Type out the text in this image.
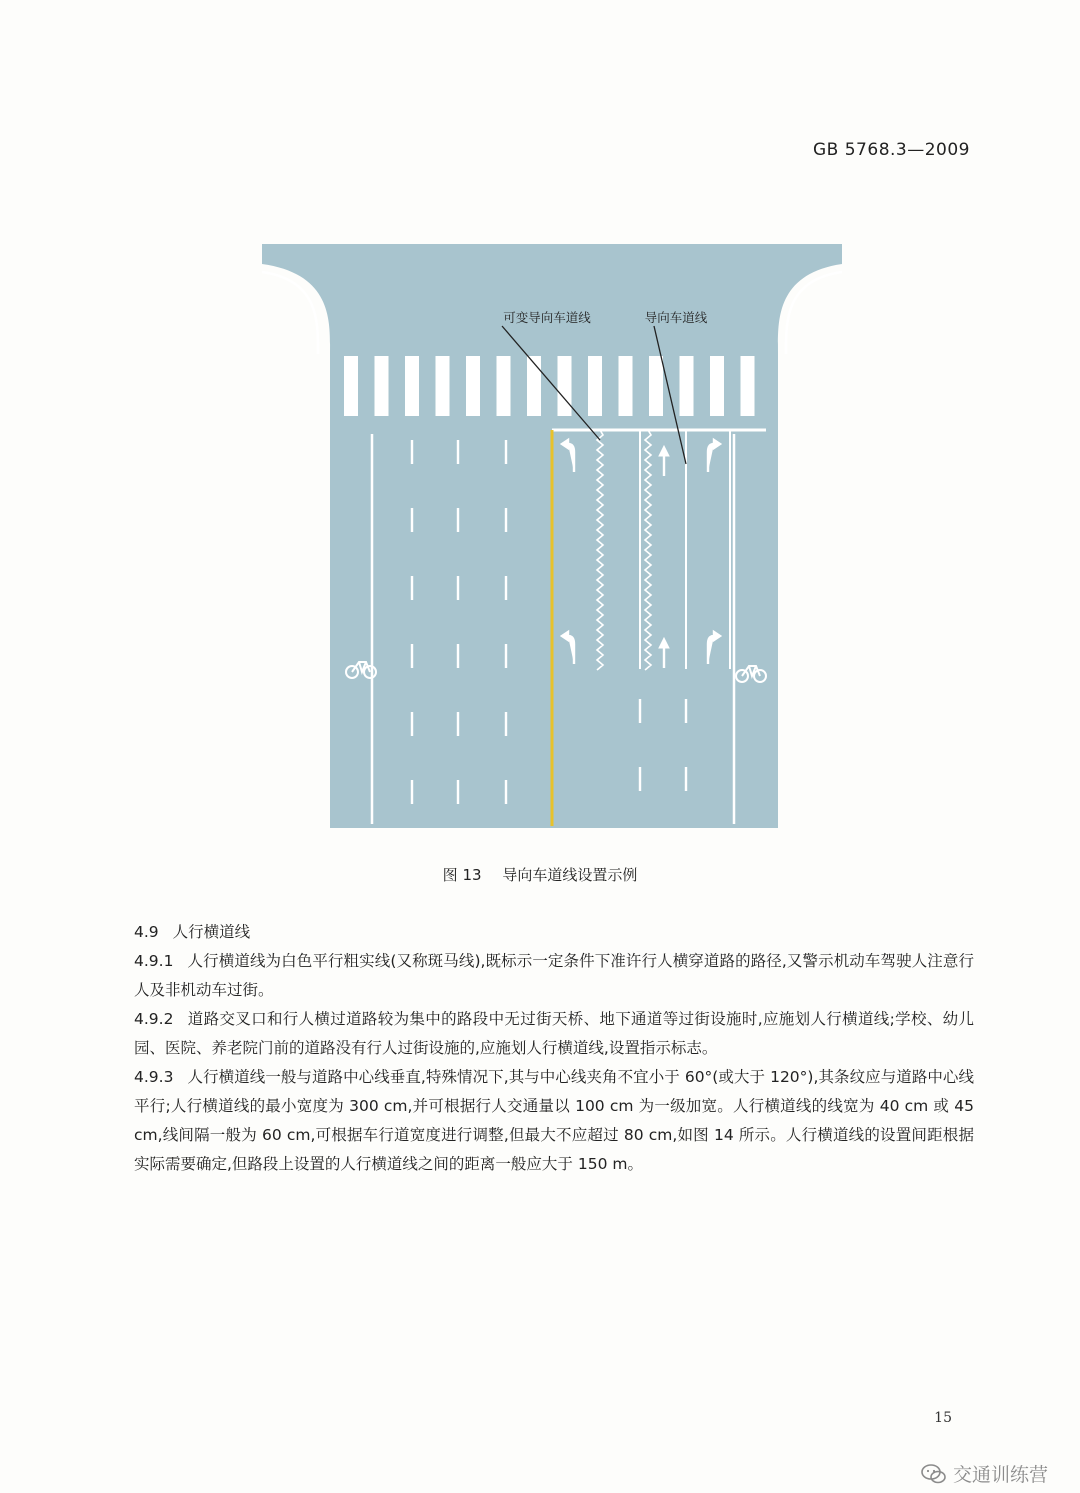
GB 5768.3—2009
可变导向车道线	导向车道线
图 13 导向车道线设置示例

4.9 人行横道线

4.9.1 人行横道线为白色平行粗实线(又称斑马线),既标示一定条件下准许行人横穿道路的路径,又警示机动车驾驶人注意行人及非机动车过街。

4.9.2 道路交叉口和行人横过道路较为集中的路段中无过街天桥、地下通道等过街设施时,应施划人行横道线;学校、幼儿园、医院、养老院门前的道路没有行人过街设施的,应施划人行横道线,设置指示标志。

4.9.3 人行横道线一般与道路中心线垂直,特殊情况下,其与中心线夹角不宜小于 60°(或大于 120°),其条纹应与道路中心线平行;人行横道线的最小宽度为 300 cm,并可根据行人交通量以 100 cm 为一级加宽。人行横道线的线宽为 40 cm 或 45 cm,线间隔一般为 60 cm,可根据车行道宽度进行调整,但最大不应超过 80 cm,如图 14 所示。人行横道线的设置间距根据实际需要确定,但路段上设置的人行横道线之间的距离一般应大于 150 m。

15
交通训练营
